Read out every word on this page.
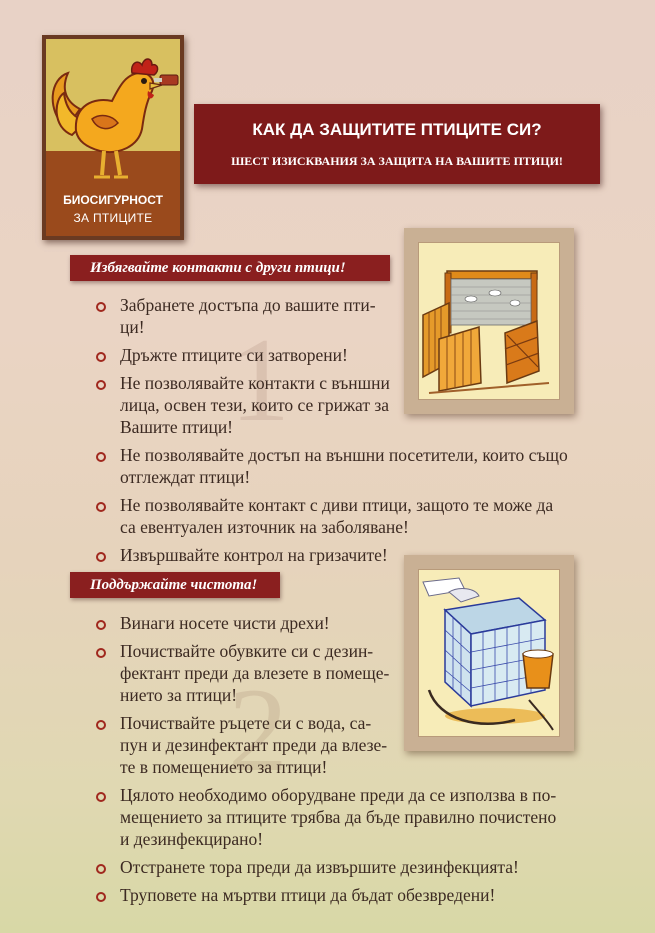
БИОСИГУРНОСТ
ЗА ПТИЦИТЕ
КАК ДА ЗАЩИТИТЕ ПТИЦИТЕ СИ?
ШЕСТ ИЗИСКВАНИЯ ЗА ЗАЩИТА НА ВАШИТЕ ПТИЦИ!
Избягвайте контакти с други птици!
1
Забранете достъпа до вашите пти-
ци!
Дръжте птиците си затворени!
Не позволявайте контакти с външни
лица, освен тези, които се грижат за
Вашите птици!
Не позволявайте достъп на външни посетители, които също
отглеждат птици!
Не позволявайте контакт с диви птици, защото те може да
са евентуален източник на заболяване!
Извършвайте контрол на гризачите!
Поддържайте чистота!
2
Винаги носете чисти дрехи!
Почиствайте обувките си с дезин-
фектант преди да влезете в помеще-
нието за птици!
Почиствайте ръцете си с вода, са-
пун и дезинфектант преди да влезе-
те в помещението за птици!
Цялото необходимо оборудване преди да се използва в по-
мещението за птиците трябва да бъде правилно почистено
и дезинфекцирано!
Отстранете тора преди да извършите дезинфекцията!
Труповете на мъртви птици да бъдат обезвредени!
